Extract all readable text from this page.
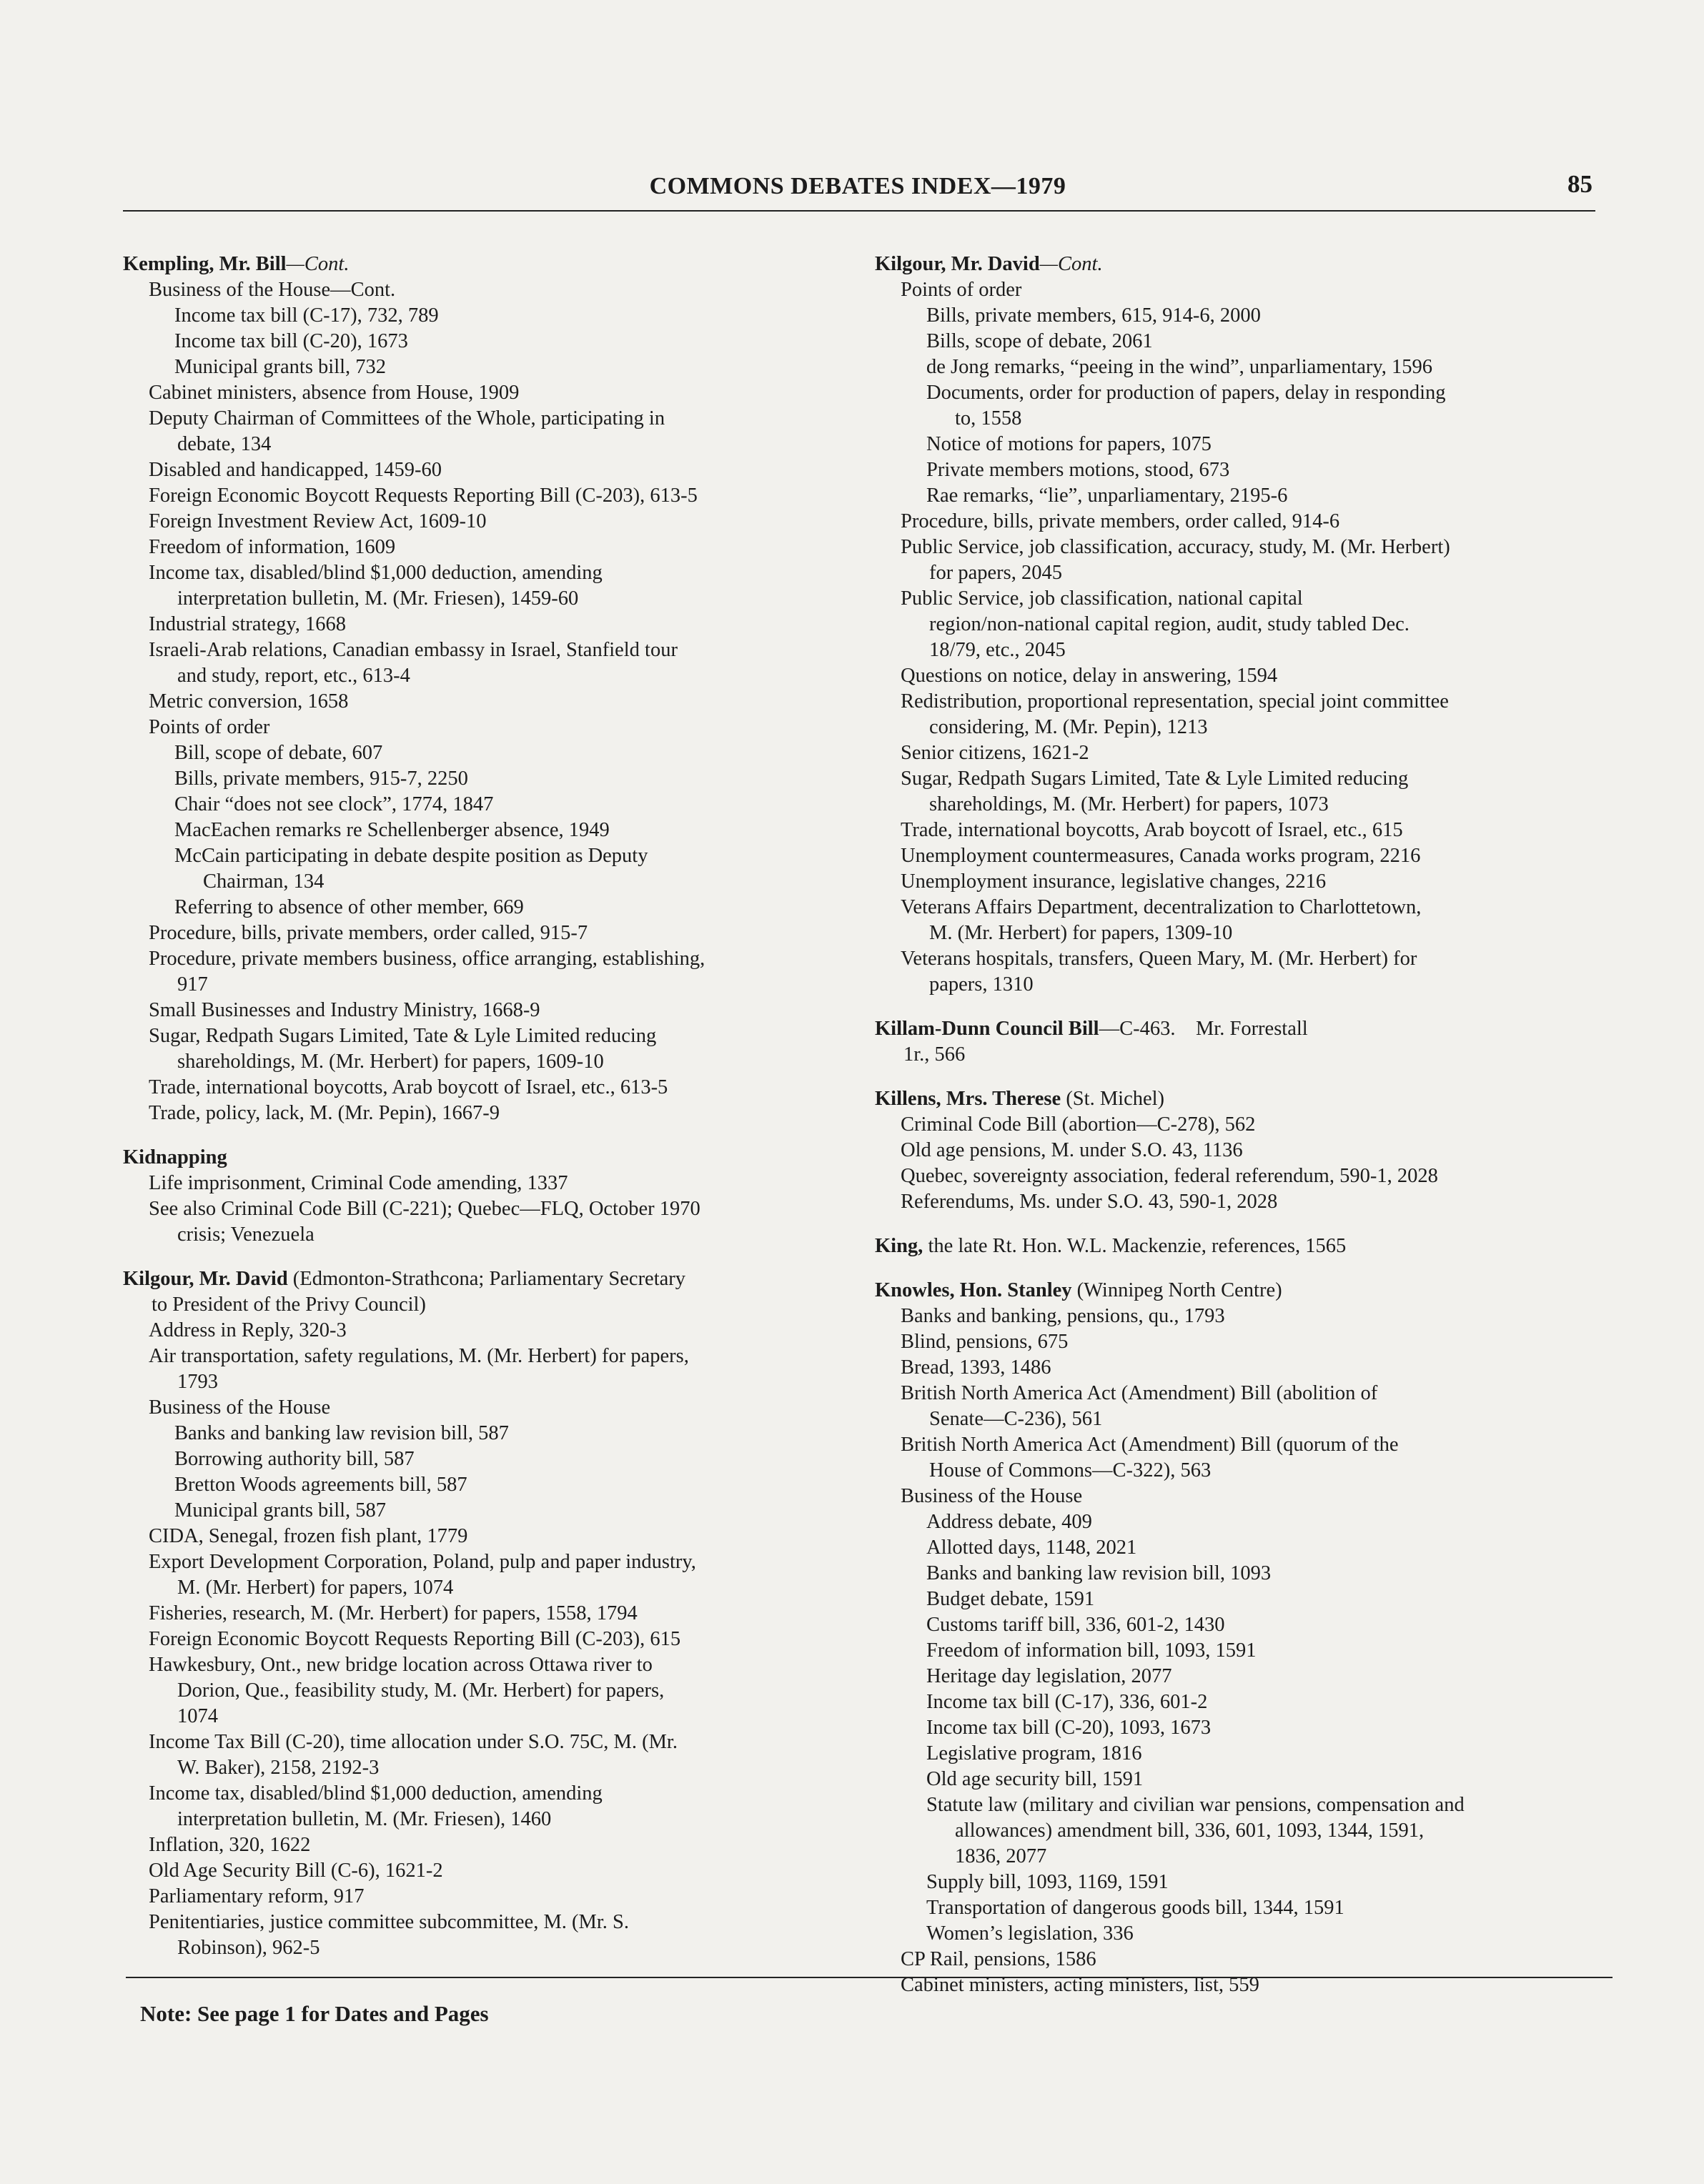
COMMONS DEBATES INDEX—1979	85
Kempling, Mr. Bill—Cont.
Business of the House—Cont.
Income tax bill (C-17), 732, 789
Income tax bill (C-20), 1673
Municipal grants bill, 732
Cabinet ministers, absence from House, 1909
Deputy Chairman of Committees of the Whole, participating in
debate, 134
Disabled and handicapped, 1459-60
Foreign Economic Boycott Requests Reporting Bill (C-203), 613-5
Foreign Investment Review Act, 1609-10
Freedom of information, 1609
Income tax, disabled/blind $1,000 deduction, amending
interpretation bulletin, M. (Mr. Friesen), 1459-60
Industrial strategy, 1668
Israeli-Arab relations, Canadian embassy in Israel, Stanfield tour
and study, report, etc., 613-4
Metric conversion, 1658
Points of order
Bill, scope of debate, 607
Bills, private members, 915-7, 2250
Chair “does not see clock”, 1774, 1847
MacEachen remarks re Schellenberger absence, 1949
McCain participating in debate despite position as Deputy
Chairman, 134
Referring to absence of other member, 669
Procedure, bills, private members, order called, 915-7
Procedure, private members business, office arranging, establishing,
917
Small Businesses and Industry Ministry, 1668-9
Sugar, Redpath Sugars Limited, Tate & Lyle Limited reducing
shareholdings, M. (Mr. Herbert) for papers, 1609-10
Trade, international boycotts, Arab boycott of Israel, etc., 613-5
Trade, policy, lack, M. (Mr. Pepin), 1667-9
Kidnapping
Life imprisonment, Criminal Code amending, 1337
See also Criminal Code Bill (C-221); Quebec—FLQ, October 1970
crisis; Venezuela
Kilgour, Mr. David (Edmonton-Strathcona; Parliamentary Secretary
to President of the Privy Council)
Address in Reply, 320-3
Air transportation, safety regulations, M. (Mr. Herbert) for papers,
1793
Business of the House
Banks and banking law revision bill, 587
Borrowing authority bill, 587
Bretton Woods agreements bill, 587
Municipal grants bill, 587
CIDA, Senegal, frozen fish plant, 1779
Export Development Corporation, Poland, pulp and paper industry,
M. (Mr. Herbert) for papers, 1074
Fisheries, research, M. (Mr. Herbert) for papers, 1558, 1794
Foreign Economic Boycott Requests Reporting Bill (C-203), 615
Hawkesbury, Ont., new bridge location across Ottawa river to
Dorion, Que., feasibility study, M. (Mr. Herbert) for papers,
1074
Income Tax Bill (C-20), time allocation under S.O. 75C, M. (Mr.
W. Baker), 2158, 2192-3
Income tax, disabled/blind $1,000 deduction, amending
interpretation bulletin, M. (Mr. Friesen), 1460
Inflation, 320, 1622
Old Age Security Bill (C-6), 1621-2
Parliamentary reform, 917
Penitentiaries, justice committee subcommittee, M. (Mr. S.
Robinson), 962-5
Kilgour, Mr. David—Cont.
Points of order
Bills, private members, 615, 914-6, 2000
Bills, scope of debate, 2061
de Jong remarks, “peeing in the wind”, unparliamentary, 1596
Documents, order for production of papers, delay in responding
to, 1558
Notice of motions for papers, 1075
Private members motions, stood, 673
Rae remarks, “lie”, unparliamentary, 2195-6
Procedure, bills, private members, order called, 914-6
Public Service, job classification, accuracy, study, M. (Mr. Herbert)
for papers, 2045
Public Service, job classification, national capital
region/non-national capital region, audit, study tabled Dec.
18/79, etc., 2045
Questions on notice, delay in answering, 1594
Redistribution, proportional representation, special joint committee
considering, M. (Mr. Pepin), 1213
Senior citizens, 1621-2
Sugar, Redpath Sugars Limited, Tate & Lyle Limited reducing
shareholdings, M. (Mr. Herbert) for papers, 1073
Trade, international boycotts, Arab boycott of Israel, etc., 615
Unemployment countermeasures, Canada works program, 2216
Unemployment insurance, legislative changes, 2216
Veterans Affairs Department, decentralization to Charlottetown,
M. (Mr. Herbert) for papers, 1309-10
Veterans hospitals, transfers, Queen Mary, M. (Mr. Herbert) for
papers, 1310
Killam-Dunn Council Bill—C-463.    Mr. Forrestall
1r., 566
Killens, Mrs. Therese (St. Michel)
Criminal Code Bill (abortion—C-278), 562
Old age pensions, M. under S.O. 43, 1136
Quebec, sovereignty association, federal referendum, 590-1, 2028
Referendums, Ms. under S.O. 43, 590-1, 2028
King, the late Rt. Hon. W.L. Mackenzie, references, 1565
Knowles, Hon. Stanley (Winnipeg North Centre)
Banks and banking, pensions, qu., 1793
Blind, pensions, 675
Bread, 1393, 1486
British North America Act (Amendment) Bill (abolition of
Senate—C-236), 561
British North America Act (Amendment) Bill (quorum of the
House of Commons—C-322), 563
Business of the House
Address debate, 409
Allotted days, 1148, 2021
Banks and banking law revision bill, 1093
Budget debate, 1591
Customs tariff bill, 336, 601-2, 1430
Freedom of information bill, 1093, 1591
Heritage day legislation, 2077
Income tax bill (C-17), 336, 601-2
Income tax bill (C-20), 1093, 1673
Legislative program, 1816
Old age security bill, 1591
Statute law (military and civilian war pensions, compensation and
allowances) amendment bill, 336, 601, 1093, 1344, 1591,
1836, 2077
Supply bill, 1093, 1169, 1591
Transportation of dangerous goods bill, 1344, 1591
Women’s legislation, 336
CP Rail, pensions, 1586
Cabinet ministers, acting ministers, list, 559
Note: See page 1 for Dates and Pages
